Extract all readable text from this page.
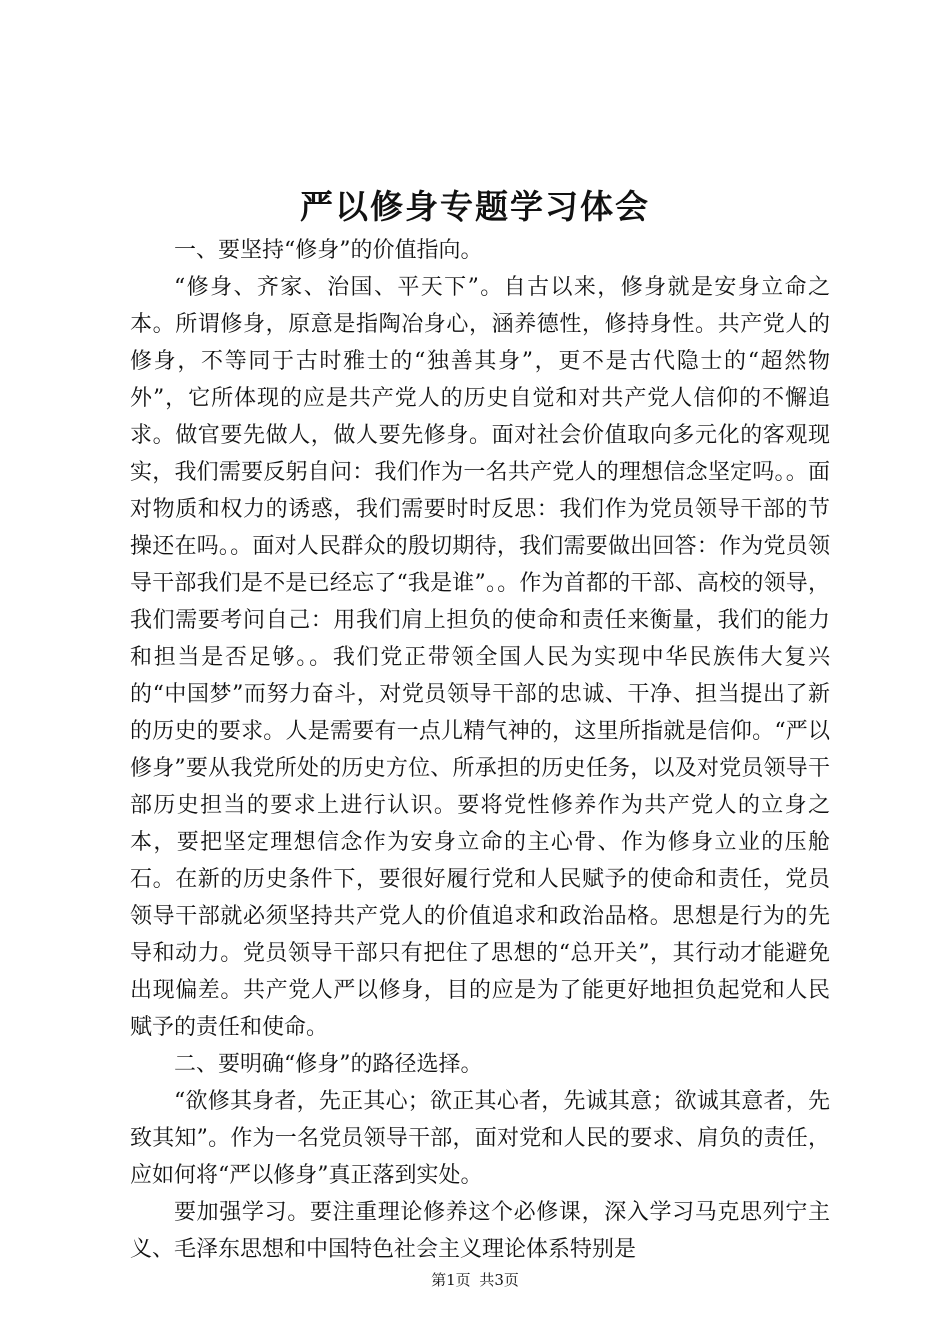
严以修身专题学习体会

一、要坚持“修身”的价值指向。

“修身、齐家、治国、平天下”。自古以来，修身就是安身立命之本。所谓修身，原意是指陶冶身心，涵养德性，修持身性。共产党人的修身，不等同于古时雅士的“独善其身”，更不是古代隐士的“超然物外”，它所体现的应是共产党人的历史自觉和对共产党人信仰的不懈追求。做官要先做人，做人要先修身。面对社会价值取向多元化的客观现实，我们需要反躬自问：我们作为一名共产党人的理想信念坚定吗。。面对物质和权力的诱惑，我们需要时时反思：我们作为党员领导干部的节操还在吗。。面对人民群众的殷切期待，我们需要做出回答：作为党员领导干部我们是不是已经忘了“我是谁”。。作为首都的干部、高校的领导，我们需要考问自己：用我们肩上担负的使命和责任来衡量，我们的能力和担当是否足够。。我们党正带领全国人民为实现中华民族伟大复兴的“中国梦”而努力奋斗，对党员领导干部的忠诚、干净、担当提出了新的历史的要求。人是需要有一点儿精气神的，这里所指就是信仰。“严以修身”要从我党所处的历史方位、所承担的历史任务，以及对党员领导干部历史担当的要求上进行认识。要将党性修养作为共产党人的立身之本，要把坚定理想信念作为安身立命的主心骨、作为修身立业的压舱石。在新的历史条件下，要很好履行党和人民赋予的使命和责任，党员领导干部就必须坚持共产党人的价值追求和政治品格。思想是行为的先导和动力。党员领导干部只有把住了思想的“总开关”，其行动才能避免出现偏差。共产党人严以修身，目的应是为了能更好地担负起党和人民赋予的责任和使命。

二、要明确“修身”的路径选择。

“欲修其身者，先正其心；欲正其心者，先诚其意；欲诚其意者，先致其知”。作为一名党员领导干部，面对党和人民的要求、肩负的责任，应如何将“严以修身”真正落到实处。

要加强学习。要注重理论修养这个必修课，深入学习马克思列宁主义、毛泽东思想和中国特色社会主义理论体系特别是

第1页 共3页
